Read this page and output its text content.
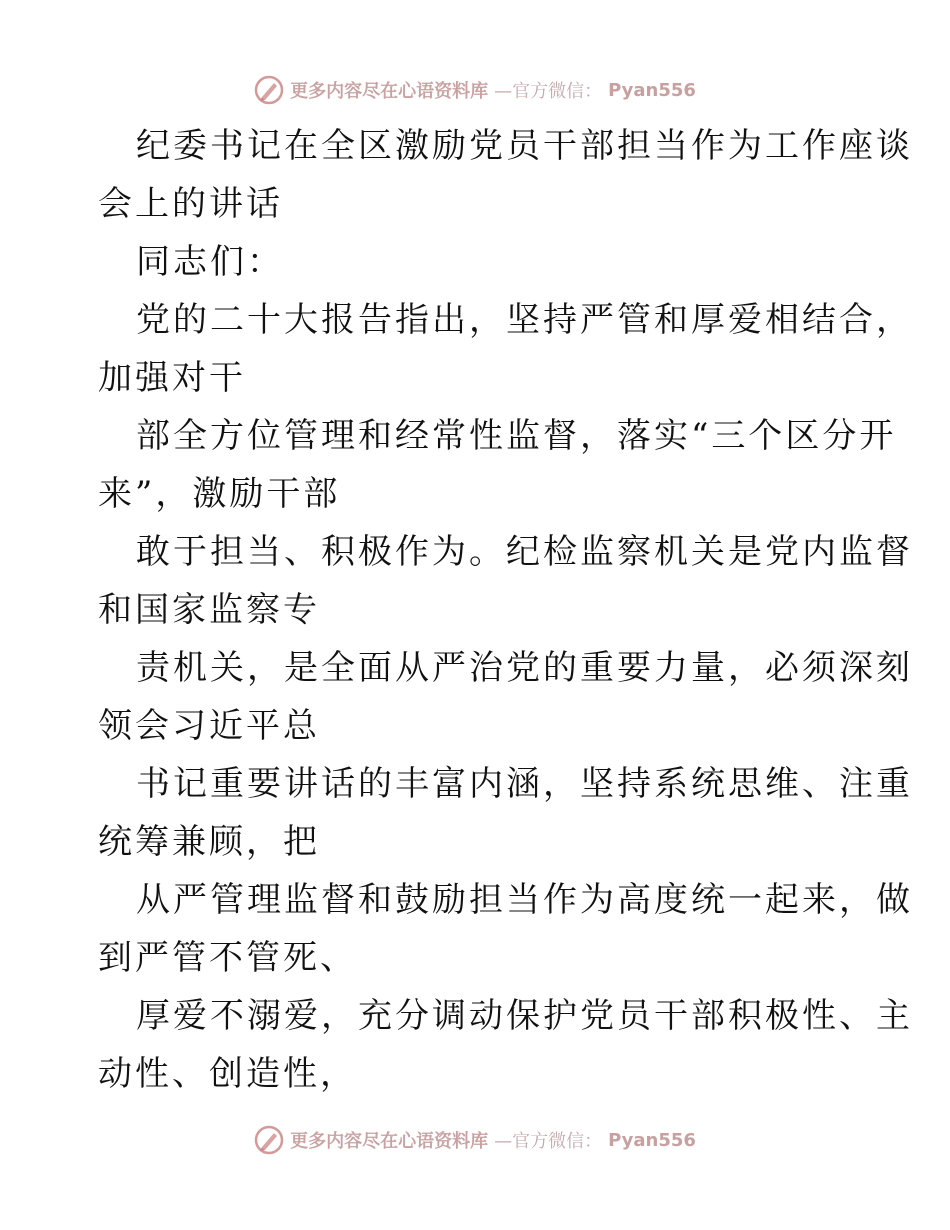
更多内容尽在心语资料库 —官方微信： Pyan556
纪委书记在全区激励党员干部担当作为工作座谈
会上的讲话
同志们：
党的二十大报告指出，坚持严管和厚爱相结合，
加强对干
部全方位管理和经常性监督，落实“三个区分开
来”，激励干部
敢于担当、积极作为。纪检监察机关是党内监督
和国家监察专
责机关，是全面从严治党的重要力量，必须深刻
领会习近平总
书记重要讲话的丰富内涵，坚持系统思维、注重
统筹兼顾，把
从严管理监督和鼓励担当作为高度统一起来，做
到严管不管死、
厚爱不溺爱，充分调动保护党员干部积极性、主
动性、创造性，
更多内容尽在心语资料库 —官方微信： Pyan556
